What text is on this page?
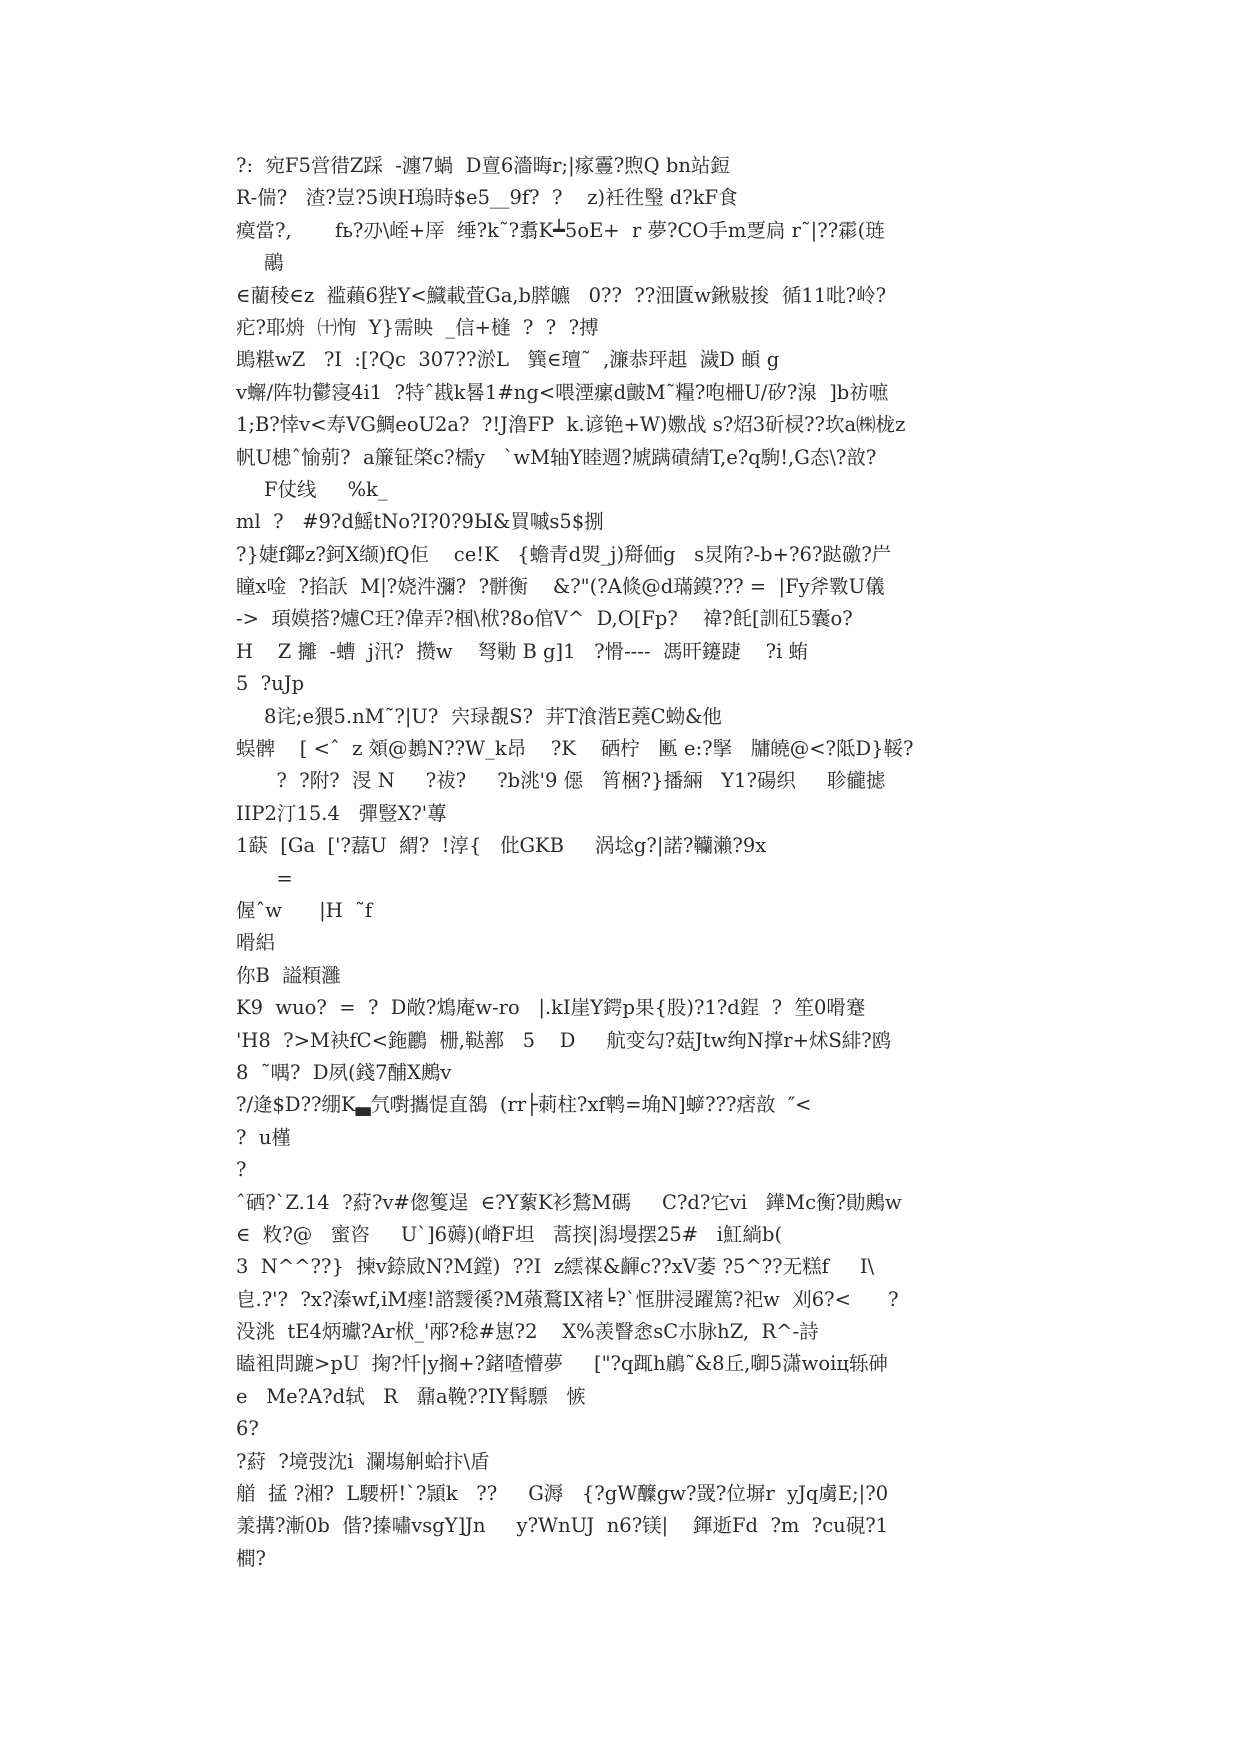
?:  宛F5営徣Z踩  -瀍7蝸  D亶6濇晦r;|瘃霻?煦Q bn站鋀
R-偳?   渣?豈?5谀H瑦時$e5__9f?  ?    z)衽徃瑿 d?kF食
瘼當?,       fь?刅\峌+厗  缍?k˜?翥K┷5oE+  r 夢?CO手m覂扃 r˜|??霦(琏
鷊
∈藺稜∈z  褴藾6狴Y<鱵載萓Ga,b膵皫   0??  ??沺匱w鍬敡捘  循11吡?岭?
疕?耶烐  ㈩恂  Y}需眏  _信+槰  ?  ?  ?搏
鴡糂wZ   ?I  :[?Qc  307??淤L   簨∈璮˜  ,濂恭玶趄  濊D 頔 g
v蠏/阵牞鬱寖4i1  ?特ˆ戡k晷1#ng<喂湮瘰d皽M˜糧?咆柵U/矽?湶  ]b祊嗻
1;B?悻v<寿VG鯛eoU2a?  ?!J澛FP  k.谚铯+W)嫐战 s?炤3斫棂??坎a㈱栊z
帆U槵ˆ愉莂?  a簾钲棨c?檽y   ˋwM轴Y睦週?虓蹒磧綪T,e?q駒!,G态\?敨?
F仗线     %k_
ml  ?   #9?d鰩tNo?I?0?9Ы&買嘁s5$捌
?}婕f鎁z?鈳X缬)fQ佢    ce!K   {蟾青d焽_j)搿価g   s炅陏?-b+?6?跶礉?屵
瞳x唫  ?掐訞  M|?娆汼瀰?  ?骿衡    &?"(?A倐@d璊鏌??? =  |Fy斧斁U儀
->  頊嫫搭?爈C玨?偉弄?椢\栿?8o倌V^  D,O[Fp?    禕?飥[訓矼5囊o?
H    Z 攡  -螬  j汛?  攒w    弩勦 B g]1   ?愲----  馮旰鑳踕    ?i 蛕
5  ?uJp
8诧;e猥5.nM˜?|U?  宍琭覩S?  茾T湌湝E蕘C蚴&他
蜈髀    [ <ˆ  z 頝@鶈N??W_k昂    ?K    硒柠   匭 e:?掔   牗皢@<?阺D}鞖?
?  ?附?  渂 N     ?祓?     ?b洮'9 僫   筲梱?}播緉   Y1?碭织     聄龓摅
IIP2汀15.4   彈豎X?'蓴
1蒛  [Ga  ['?藞U  緭?  !淳{   仳GKB     涡埝g?|諾?韊瀨?9x
=
偓ˆw      |H  ˜f
嗗絽
你B  謚頪灉
K9  wuo?  =  ?  D敞?鴆庵w-ro   |.kI崖Y鍔p果{股)?1?d鋥  ?  笙0嗗蹇
'H8  ?>M袂fC<鉇鸝  栅,鞑鄯   5    D     航变勾?菇Jtw绚N撑r+炢S緋?鸥
8  ˜喁?  D夙(錢7酺X鶊v
?/逄$D??绷K▃氕嚉攜惿直鵅  (rr├莿柱?xf鹎=埆N]蝷???痞敨  ″<
?  u槿
?
ˆ硒?`Z.14  ?葤?v#偬篗逞  ∈?Y蕠K衫鶖M碼     C?d?它ⅵ   鏵Mc衡?勛鶊w
∈  敉?@   蜜咨     U`]6薅)(嵴F坦   蒿揬|潟墁摆25#   i魟緔b(
3  N^^??}  揀v錼敐N?M鏜)  ??I  z繧禖&齳c??xV萎 ?5^??无糕f     I\
皀.?'?  ?x?溱wf,iM瘗!諮靉徯?M薞鶩IX褚╘?`恇肼浸躍篤?祀w  刈6?<      ?
没洮  tE4炳瓛?Ar栿_'邴?稔#崽?2    X%羡瞖悆sC朩脉hZ,  R^-詩
瞌袓問蹗>pU  掬?忏|y搁+?鍺喳懵夢     ["?q踂h鵳˜&8丘,啣5潇woiц轹砷
e   Me?A?d轼   R   鼐a鞔??IY髯驃   愱
6?
?葤  ?境弢沈i  瀾塲觓蛤抃\盾
艏  掹 ?湘?  L騕枅!`?頴k   ??     G溽   {?gW醾gw?罭?位塀r  yJq虜E;|?0
羕搆?漸0b  偕?搸嘯vsgY]Jn     y?WnUJ  n6?镁|    鍕逝Fd  ?m  ?cu硯?1
橺?
